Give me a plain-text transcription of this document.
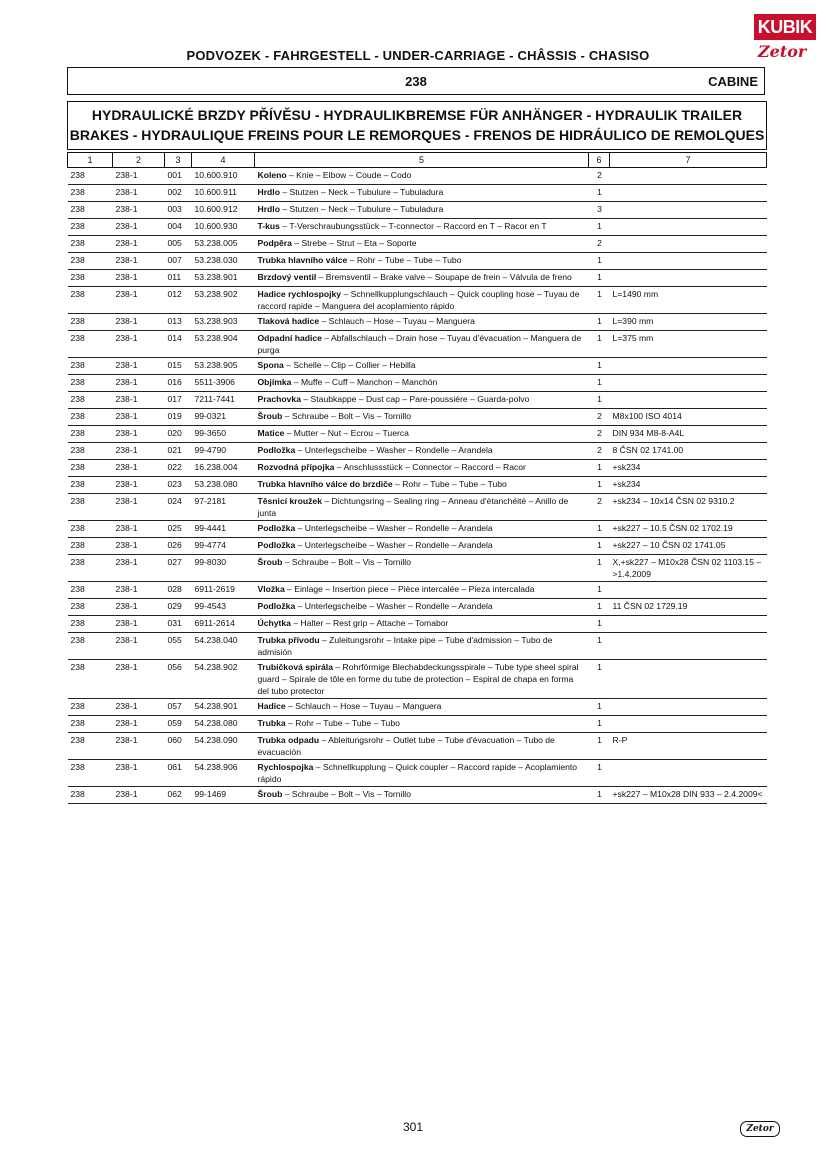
KUBIK
Zetor
PODVOZEK - FAHRGESTELL - UNDER-CARRIAGE - CHÂSSIS - CHASISO
238	CABINE
HYDRAULICKÉ BRZDY PŘÍVĚSU - HYDRAULIKBREMSE FÜR ANHÄNGER - HYDRAULIK TRAILER
BRAKES - HYDRAULIQUE FREINS POUR LE REMORQUES - FRENOS DE HIDRÁULICO DE REMOLQUES
1	2	3	4	5	6	7
238	238-1	001	10.600.910	Koleno – Knie – Elbow – Coude – Codo	2	
238	238-1	002	10.600.911	Hrdlo – Stutzen – Neck – Tubulure – Tubuladura	1	
238	238-1	003	10.600.912	Hrdlo – Stutzen – Neck – Tubulure – Tubuladura	3	
238	238-1	004	10.600.930	T-kus – T-Verschraubungsstück – T-connector – Raccord en T – Racor en T	1	
238	238-1	005	53.238.005	Podpěra – Strebe – Strut – Eta – Soporte	2	
238	238-1	007	53.238.030	Trubka hlavního válce – Rohr – Tube – Tube – Tubo	1	
238	238-1	011	53.238.901	Brzdový ventil – Bremsventil – Brake valve – Soupape de frein – Válvula de freno	1	
238	238-1	012	53.238.902	Hadice rychlospojky – Schnellkupplungschlauch – Quick coupling hose – Tuyau de raccord rapide – Manguera del acoplamiento rápido	1	L=1490 mm
238	238-1	013	53.238.903	Tlaková hadice – Schlauch – Hose – Tuyau – Manguera	1	L=390 mm
238	238-1	014	53.238.904	Odpadní hadice – Abfallschlauch – Drain hose – Tuyau d'évacuation – Manguera de purga	1	L=375 mm
238	238-1	015	53.238.905	Spona – Schelle – Clip – Collier – Hebilla	1	
238	238-1	016	5511-3906	Objímka – Muffe – Cuff – Manchon – Manchón	1	
238	238-1	017	7211-7441	Prachovka – Staubkappe – Dust cap – Pare-poussière – Guarda-polvo	1	
238	238-1	019	99-0321	Šroub – Schraube – Bolt – Vis – Tornillo	2	M8x100 ISO 4014
238	238-1	020	99-3650	Matice – Mutter – Nut – Ecrou – Tuerca	2	DIN 934 M8-8-A4L
238	238-1	021	99-4790	Podložka – Unterlegscheibe – Washer – Rondelle – Arandela	2	8 ČSN 02 1741.00
238	238-1	022	16.238.004	Rozvodná přípojka – Anschlussstück – Connector – Raccord – Racor	1	+sk234
238	238-1	023	53.238.080	Trubka hlavního válce do brzdiče – Rohr – Tube – Tube – Tubo	1	+sk234
238	238-1	024	97-2181	Těsnicí kroužek – Dichtungsring – Sealing ring – Anneau d'étanchéité – Anillo de junta	2	+sk234 – 10x14 ČSN 02 9310.2
238	238-1	025	99-4441	Podložka – Unterlegscheibe – Washer – Rondelle – Arandela	1	+sk227 – 10.5 ČSN 02 1702.19
238	238-1	026	99-4774	Podložka – Unterlegscheibe – Washer – Rondelle – Arandela	1	+sk227 – 10 ČSN 02 1741.05
238	238-1	027	99-8030	Šroub – Schraube – Bolt – Vis – Tornillo	1	X,+sk227 – M10x28 ČSN 02 1103.15 – >1.4.2009
238	238-1	028	6911-2619	Vložka – Einlage – Insertion piece – Pièce intercalée – Pieza intercalada	1	
238	238-1	029	99-4543	Podložka – Unterlegscheibe – Washer – Rondelle – Arandela	1	11 ČSN 02 1729.19
238	238-1	031	6911-2614	Úchytka – Halter – Rest grip – Attache – Tomabor	1	
238	238-1	055	54.238.040	Trubka přívodu – Zuleitungsrohr – Intake pipe – Tube d'admission – Tubo de admisión	1	
238	238-1	056	54.238.902	Trubičková spirála – Rohrförmige Blechabdeckungsspirale – Tube type sheel spiral guard – Spirale de tôle en forme du tube de protection – Espiral de chapa en forma del tubo protector	1	
238	238-1	057	54.238.901	Hadice – Schlauch – Hose – Tuyau – Manguera	1	
238	238-1	059	54.238.080	Trubka – Rohr – Tube – Tube – Tubo	1	
238	238-1	060	54.238.090	Trubka odpadu – Ableitungsrohr – Outlet tube – Tube d'évacuation – Tubo de evacuación	1	R-P
238	238-1	061	54.238.906	Rychlospojka – Schnellkupplung – Quick coupler – Raccord rapide – Acoplamiento rápido	1	
238	238-1	062	99-1469	Šroub – Schraube – Bolt – Vis – Tornillo	1	+sk227 – M10x28 DIN 933 – 2.4.2009<
301	Zetor
